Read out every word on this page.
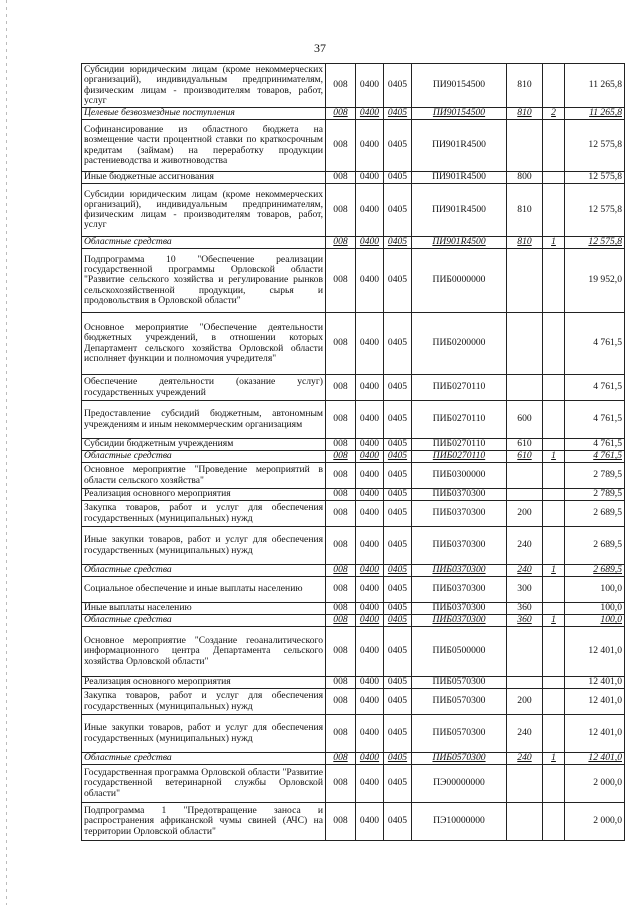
37
Субсидии юридическим лицам (кроме некоммерческих организаций), индивидуальным предпринимателям, физическим лицам - производителям товаров, работ, услуг	008	0400	0405	ПИ90154500	810		11 265,8
Целевые безвозмездные поступления	008	0400	0405	ПИ90154500	810	2	11 265,8
Софинансирование из областного бюджета на возмещение части процентной ставки по краткосрочным кредитам (займам) на переработку продукции растениеводства и животноводства	008	0400	0405	ПИ901R4500			12 575,8
Иные бюджетные ассигнования	008	0400	0405	ПИ901R4500	800		12 575,8
Субсидии юридическим лицам (кроме некоммерческих организаций), индивидуальным предпринимателям, физическим лицам - производителям товаров, работ, услуг	008	0400	0405	ПИ901R4500	810		12 575,8
Областные средства	008	0400	0405	ПИ901R4500	810	1	12 575,8
Подпрограмма 10 "Обеспечение реализации государственной программы Орловской области "Развитие сельского хозяйства и регулирование рынков сельскохозяйственной продукции, сырья и продовольствия в Орловской области"	008	0400	0405	ПИБ0000000			19 952,0
Основное мероприятие "Обеспечение деятельности бюджетных учреждений, в отношении которых Департамент сельского хозяйства Орловской области исполняет функции и полномочия учредителя"	008	0400	0405	ПИБ0200000			4 761,5
Обеспечение деятельности (оказание услуг) государственных учреждений	008	0400	0405	ПИБ0270110			4 761,5
Предоставление субсидий бюджетным, автономным учреждениям и иным некоммерческим организациям	008	0400	0405	ПИБ0270110	600		4 761,5
Субсидии бюджетным учреждениям	008	0400	0405	ПИБ0270110	610		4 761,5
Областные средства	008	0400	0405	ПИБ0270110	610	1	4 761,5
Основное мероприятие "Проведение мероприятий в области сельского хозяйства"	008	0400	0405	ПИБ0300000			2 789,5
Реализация основного мероприятия	008	0400	0405	ПИБ0370300			2 789,5
Закупка товаров, работ и услуг для обеспечения государственных (муниципальных) нужд	008	0400	0405	ПИБ0370300	200		2 689,5
Иные закупки товаров, работ и услуг для обеспечения государственных (муниципальных) нужд	008	0400	0405	ПИБ0370300	240		2 689,5
Областные средства	008	0400	0405	ПИБ0370300	240	1	2 689,5
Социальное обеспечение и иные выплаты населению	008	0400	0405	ПИБ0370300	300		100,0
Иные выплаты населению	008	0400	0405	ПИБ0370300	360		100,0
Областные средства	008	0400	0405	ПИБ0370300	360	1	100,0
Основное мероприятие "Создание геоаналитического информационного центра Департамента сельского хозяйства Орловской области"	008	0400	0405	ПИБ0500000			12 401,0
Реализация основного мероприятия	008	0400	0405	ПИБ0570300			12 401,0
Закупка товаров, работ и услуг для обеспечения государственных (муниципальных) нужд	008	0400	0405	ПИБ0570300	200		12 401,0
Иные закупки товаров, работ и услуг для обеспечения государственных (муниципальных) нужд	008	0400	0405	ПИБ0570300	240		12 401,0
Областные средства	008	0400	0405	ПИБ0570300	240	1	12 401,0
Государственная программа Орловской области "Развитие государственной ветеринарной службы Орловской области"	008	0400	0405	ПЭ00000000			2 000,0
Подпрограмма 1 "Предотвращение заноса и распространения африканской чумы свиней (АЧС) на территории Орловской области"	008	0400	0405	ПЭ10000000			2 000,0
